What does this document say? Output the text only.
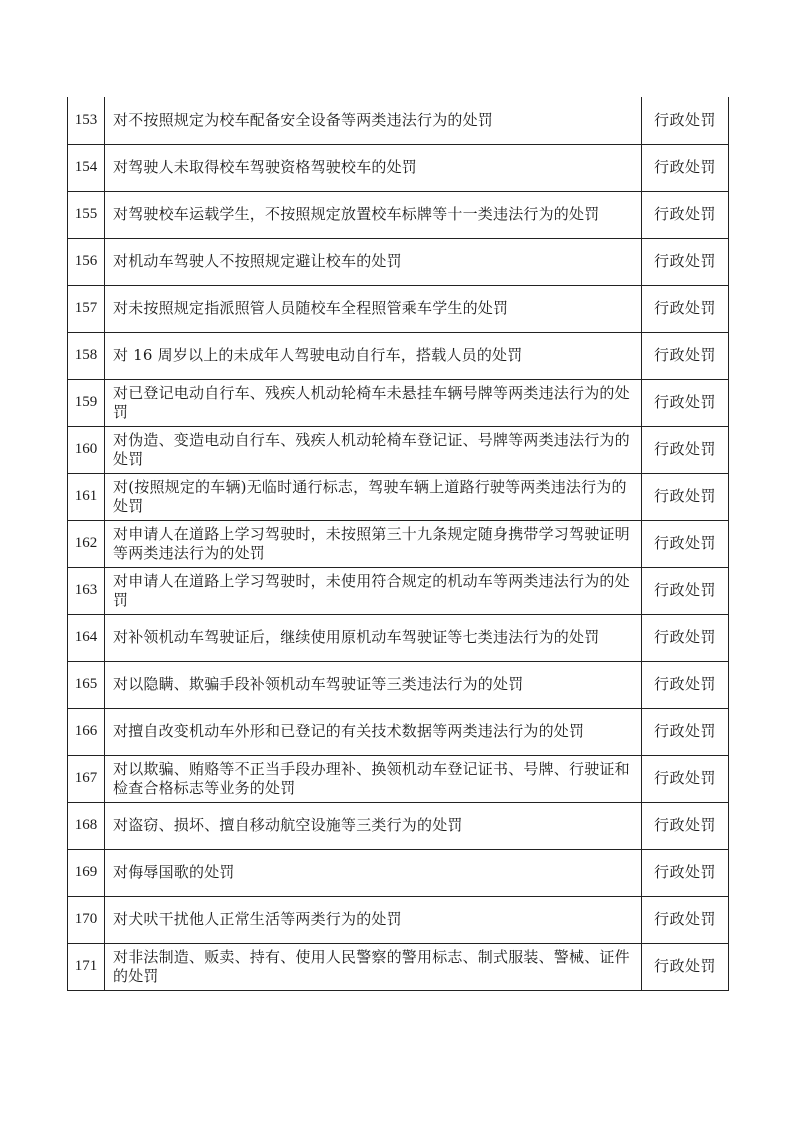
153	对不按照规定为校车配备安全设备等两类违法行为的处罚	行政处罚
154	对驾驶人未取得校车驾驶资格驾驶校车的处罚	行政处罚
155	对驾驶校车运载学生，不按照规定放置校车标牌等十一类违法行为的处罚	行政处罚
156	对机动车驾驶人不按照规定避让校车的处罚	行政处罚
157	对未按照规定指派照管人员随校车全程照管乘车学生的处罚	行政处罚
158	对 16 周岁以上的未成年人驾驶电动自行车，搭载人员的处罚	行政处罚
159	对已登记电动自行车、残疾人机动轮椅车未悬挂车辆号牌等两类违法行为的处罚	行政处罚
160	对伪造、变造电动自行车、残疾人机动轮椅车登记证、号牌等两类违法行为的处罚	行政处罚
161	对(按照规定的车辆)无临时通行标志，驾驶车辆上道路行驶等两类违法行为的处罚	行政处罚
162	对申请人在道路上学习驾驶时，未按照第三十九条规定随身携带学习驾驶证明等两类违法行为的处罚	行政处罚
163	对申请人在道路上学习驾驶时，未使用符合规定的机动车等两类违法行为的处罚	行政处罚
164	对补领机动车驾驶证后，继续使用原机动车驾驶证等七类违法行为的处罚	行政处罚
165	对以隐瞒、欺骗手段补领机动车驾驶证等三类违法行为的处罚	行政处罚
166	对擅自改变机动车外形和已登记的有关技术数据等两类违法行为的处罚	行政处罚
167	对以欺骗、贿赂等不正当手段办理补、换领机动车登记证书、号牌、行驶证和检查合格标志等业务的处罚	行政处罚
168	对盗窃、损坏、擅自移动航空设施等三类行为的处罚	行政处罚
169	对侮辱国歌的处罚	行政处罚
170	对犬吠干扰他人正常生活等两类行为的处罚	行政处罚
171	对非法制造、贩卖、持有、使用人民警察的警用标志、制式服装、警械、证件的处罚	行政处罚
